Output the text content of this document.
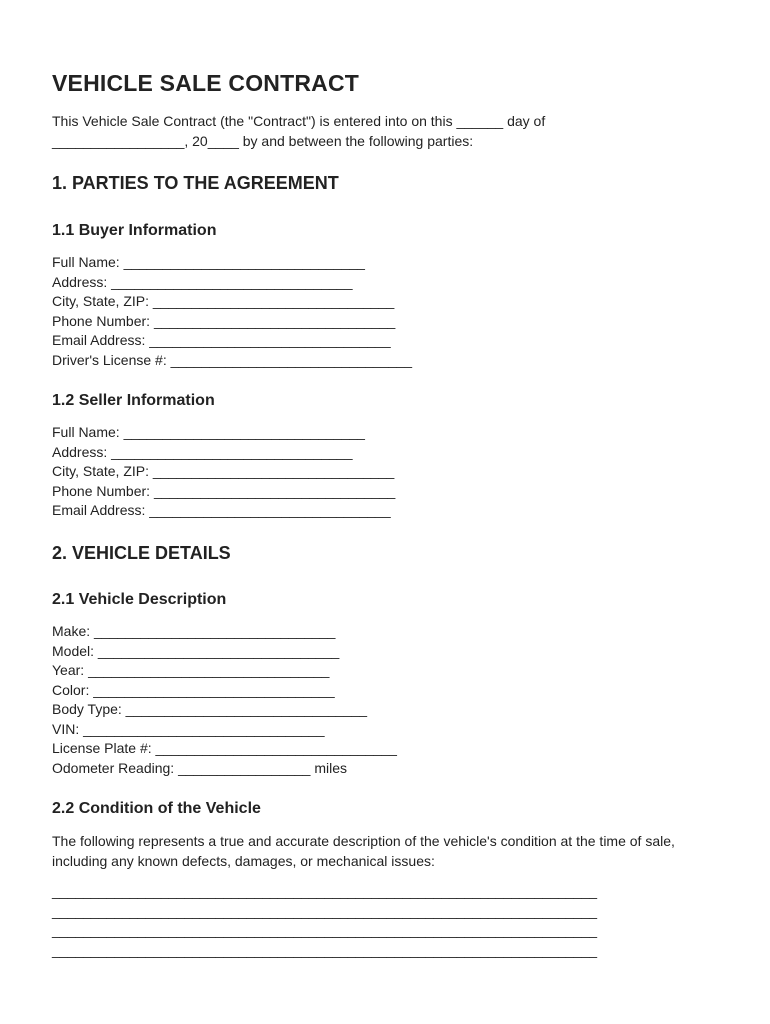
VEHICLE SALE CONTRACT

This Vehicle Sale Contract (the "Contract") is entered into on this ______ day of _________________, 20____ by and between the following parties:

1. PARTIES TO THE AGREEMENT
1.1 Buyer Information
Full Name: _______________________________
Address: _______________________________
City, State, ZIP: _______________________________
Phone Number: _______________________________
Email Address: _______________________________
Driver's License #: _______________________________
1.2 Seller Information
Full Name: _______________________________
Address: _______________________________
City, State, ZIP: _______________________________
Phone Number: _______________________________
Email Address: _______________________________
2. VEHICLE DETAILS
2.1 Vehicle Description
Make: _______________________________
Model: _______________________________
Year: _______________________________
Color: _______________________________
Body Type: _______________________________
VIN: _______________________________
License Plate #: _______________________________
Odometer Reading: _________________ miles
2.2 Condition of the Vehicle

The following represents a true and accurate description of the vehicle's condition at the time of sale, including any known defects, damages, or mechanical issues:

______________________________________________________________________
______________________________________________________________________
______________________________________________________________________
______________________________________________________________________
